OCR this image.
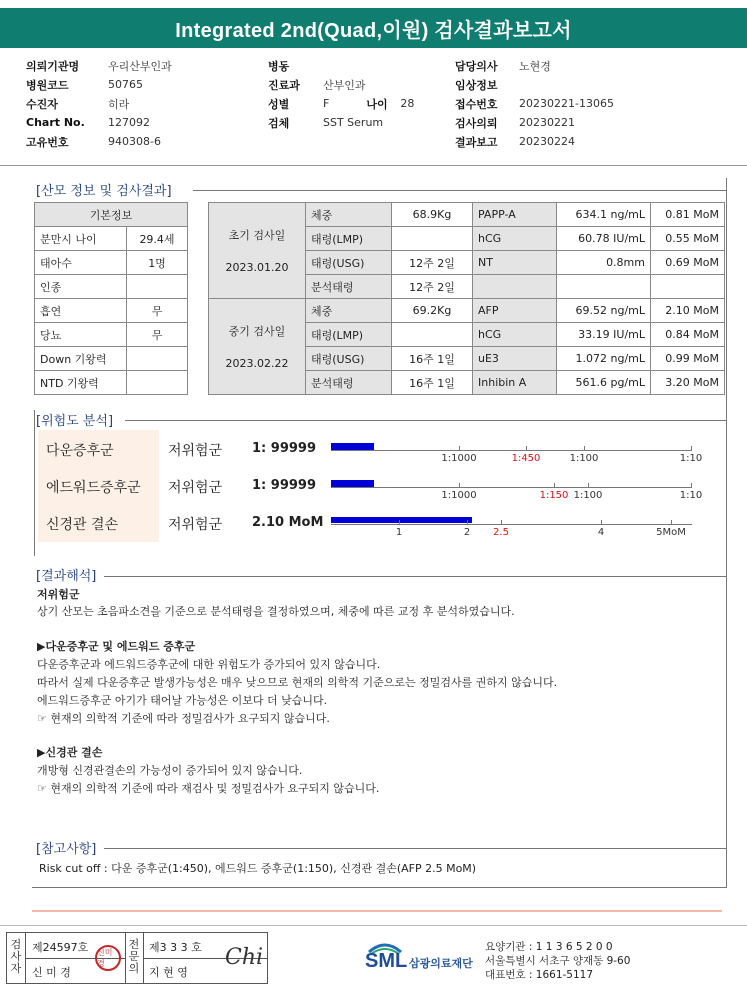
Integrated 2nd(Quad,이원) 검사결과보고서
의뢰기관명	우리산부인과
병원코드	50765
수진자	히라
Chart No.	127092
고유번호	940308-6
병동
진료과	산부인과
성별	F	나이	28
검체	SST Serum
담당의사	노현경
임상정보
접수번호	20230221-13065
검사의뢰	20230221
결과보고	20230224
[산모 정보 및 검사결과]
기본정보	
분만시 나이	29.4세
태아수	1명
인종	
흡연	무
당뇨	무
Down 기왕력	
NTD 기왕력	
초기 검사일
2023.01.20	체중	68.9Kg	PAPP-A	634.1 ng/mL	0.81 MoM
	태령(LMP)		hCG	60.78 IU/mL	0.55 MoM
	태령(USG)	12주 2일	NT	0.8mm	0.69 MoM
	분석태령	12주 2일			

중기 검사일
2023.02.22	체중	69.2Kg	AFP	69.52 ng/mL	2.10 MoM
	태령(LMP)		hCG	33.19 IU/mL	0.84 MoM
	태령(USG)	16주 1일	uE3	1.072 ng/mL	0.99 MoM
	분석태령	16주 1일	Inhibin A	561.6 pg/mL	3.20 MoM
[위험도 분석]
다운증후군	저위험군 1: 99999
1:1000	1:450	1:100	1:10
에드워드증후군 저위험군 1: 99999
1:1000	1:150 1:100	1:10
신경관 결손	저위험군 2.10 MoM
1	2 2.5	4	5MoM
[결과해석]
저위험군
상기 산모는 초음파소견을 기준으로 분석태령을 결정하였으며, 체중에 따른 교정 후 분석하였습니다.
▶다운증후군 및 에드워드 증후군
다운증후군과 에드워드증후군에 대한 위험도가 증가되어 있지 않습니다.
따라서 실제 다운증후군 발생가능성은 매우 낮으므로 현재의 의학적 기준으로는 정밀검사를 권하지 않습니다.
에드워드증후군 아기가 태어날 가능성은 이보다 더 낮습니다.
☞ 현재의 의학적 기준에 따라 정밀검사가 요구되지 않습니다.
▶신경관 결손
개방형 신경관결손의 가능성이 증가되어 있지 않습니다.
☞ 현재의 의학적 기준에 따라 재검사 및 정밀검사가 요구되지 않습니다.
[참고사항]
Risk cut off : 다운 증후군(1:450), 에드워드 증후군(1:150), 신경관 결손(AFP 2.5 MoM)
검사자
제24597호
신 미 경
신미경
전문의
제3 3 3 호
지 현 영
Chi	SML 삼광의료재단
요양기관 : 1 1 3 6 5 2 0 0
서울특별시 서초구 양재동 9-60
대표번호 : 1661-5117
